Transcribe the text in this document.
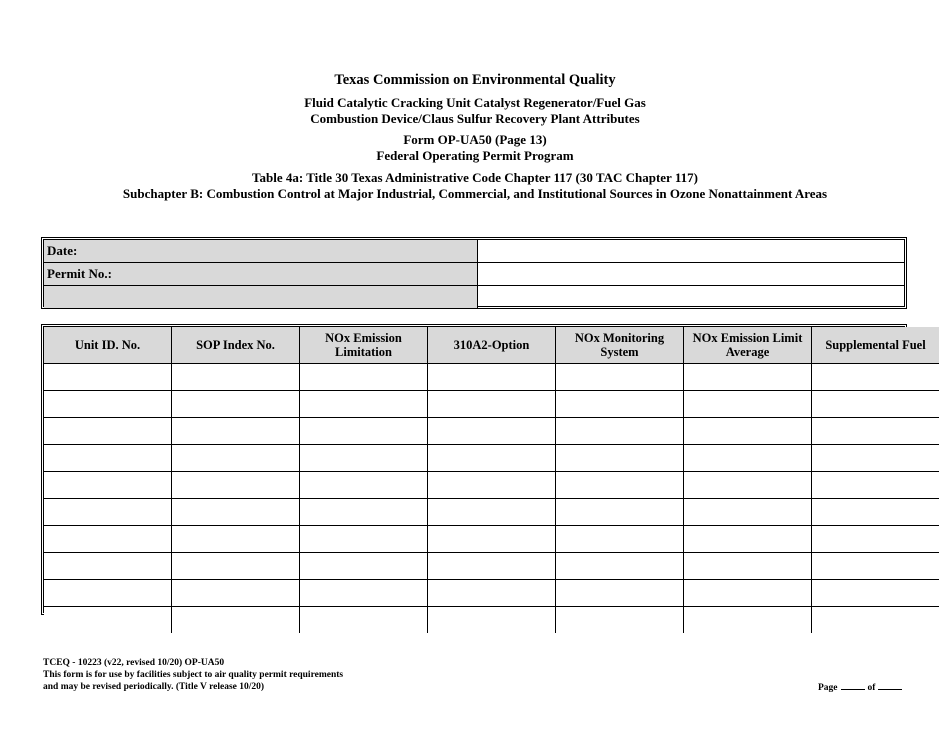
Texas Commission on Environmental Quality
Fluid Catalytic Cracking Unit Catalyst Regenerator/Fuel Gas
Combustion Device/Claus Sulfur Recovery Plant Attributes
Form OP-UA50 (Page 13)
Federal Operating Permit Program
Table 4a: Title 30 Texas Administrative Code Chapter 117 (30 TAC Chapter 117)
Subchapter B: Combustion Control at Major Industrial, Commercial, and Institutional Sources in Ozone Nonattainment Areas
Date:	
Permit No.:	

Unit ID. No.	SOP Index No.	NOx Emission Limitation	310A2-Option	NOx Monitoring System	NOx Emission Limit Average	Supplemental Fuel

TCEQ - 10223 (v22, revised 10/20) OP-UA50
This form is for use by facilities subject to air quality permit requirements
and may be revised periodically. (Title V release 10/20)	Page	of
